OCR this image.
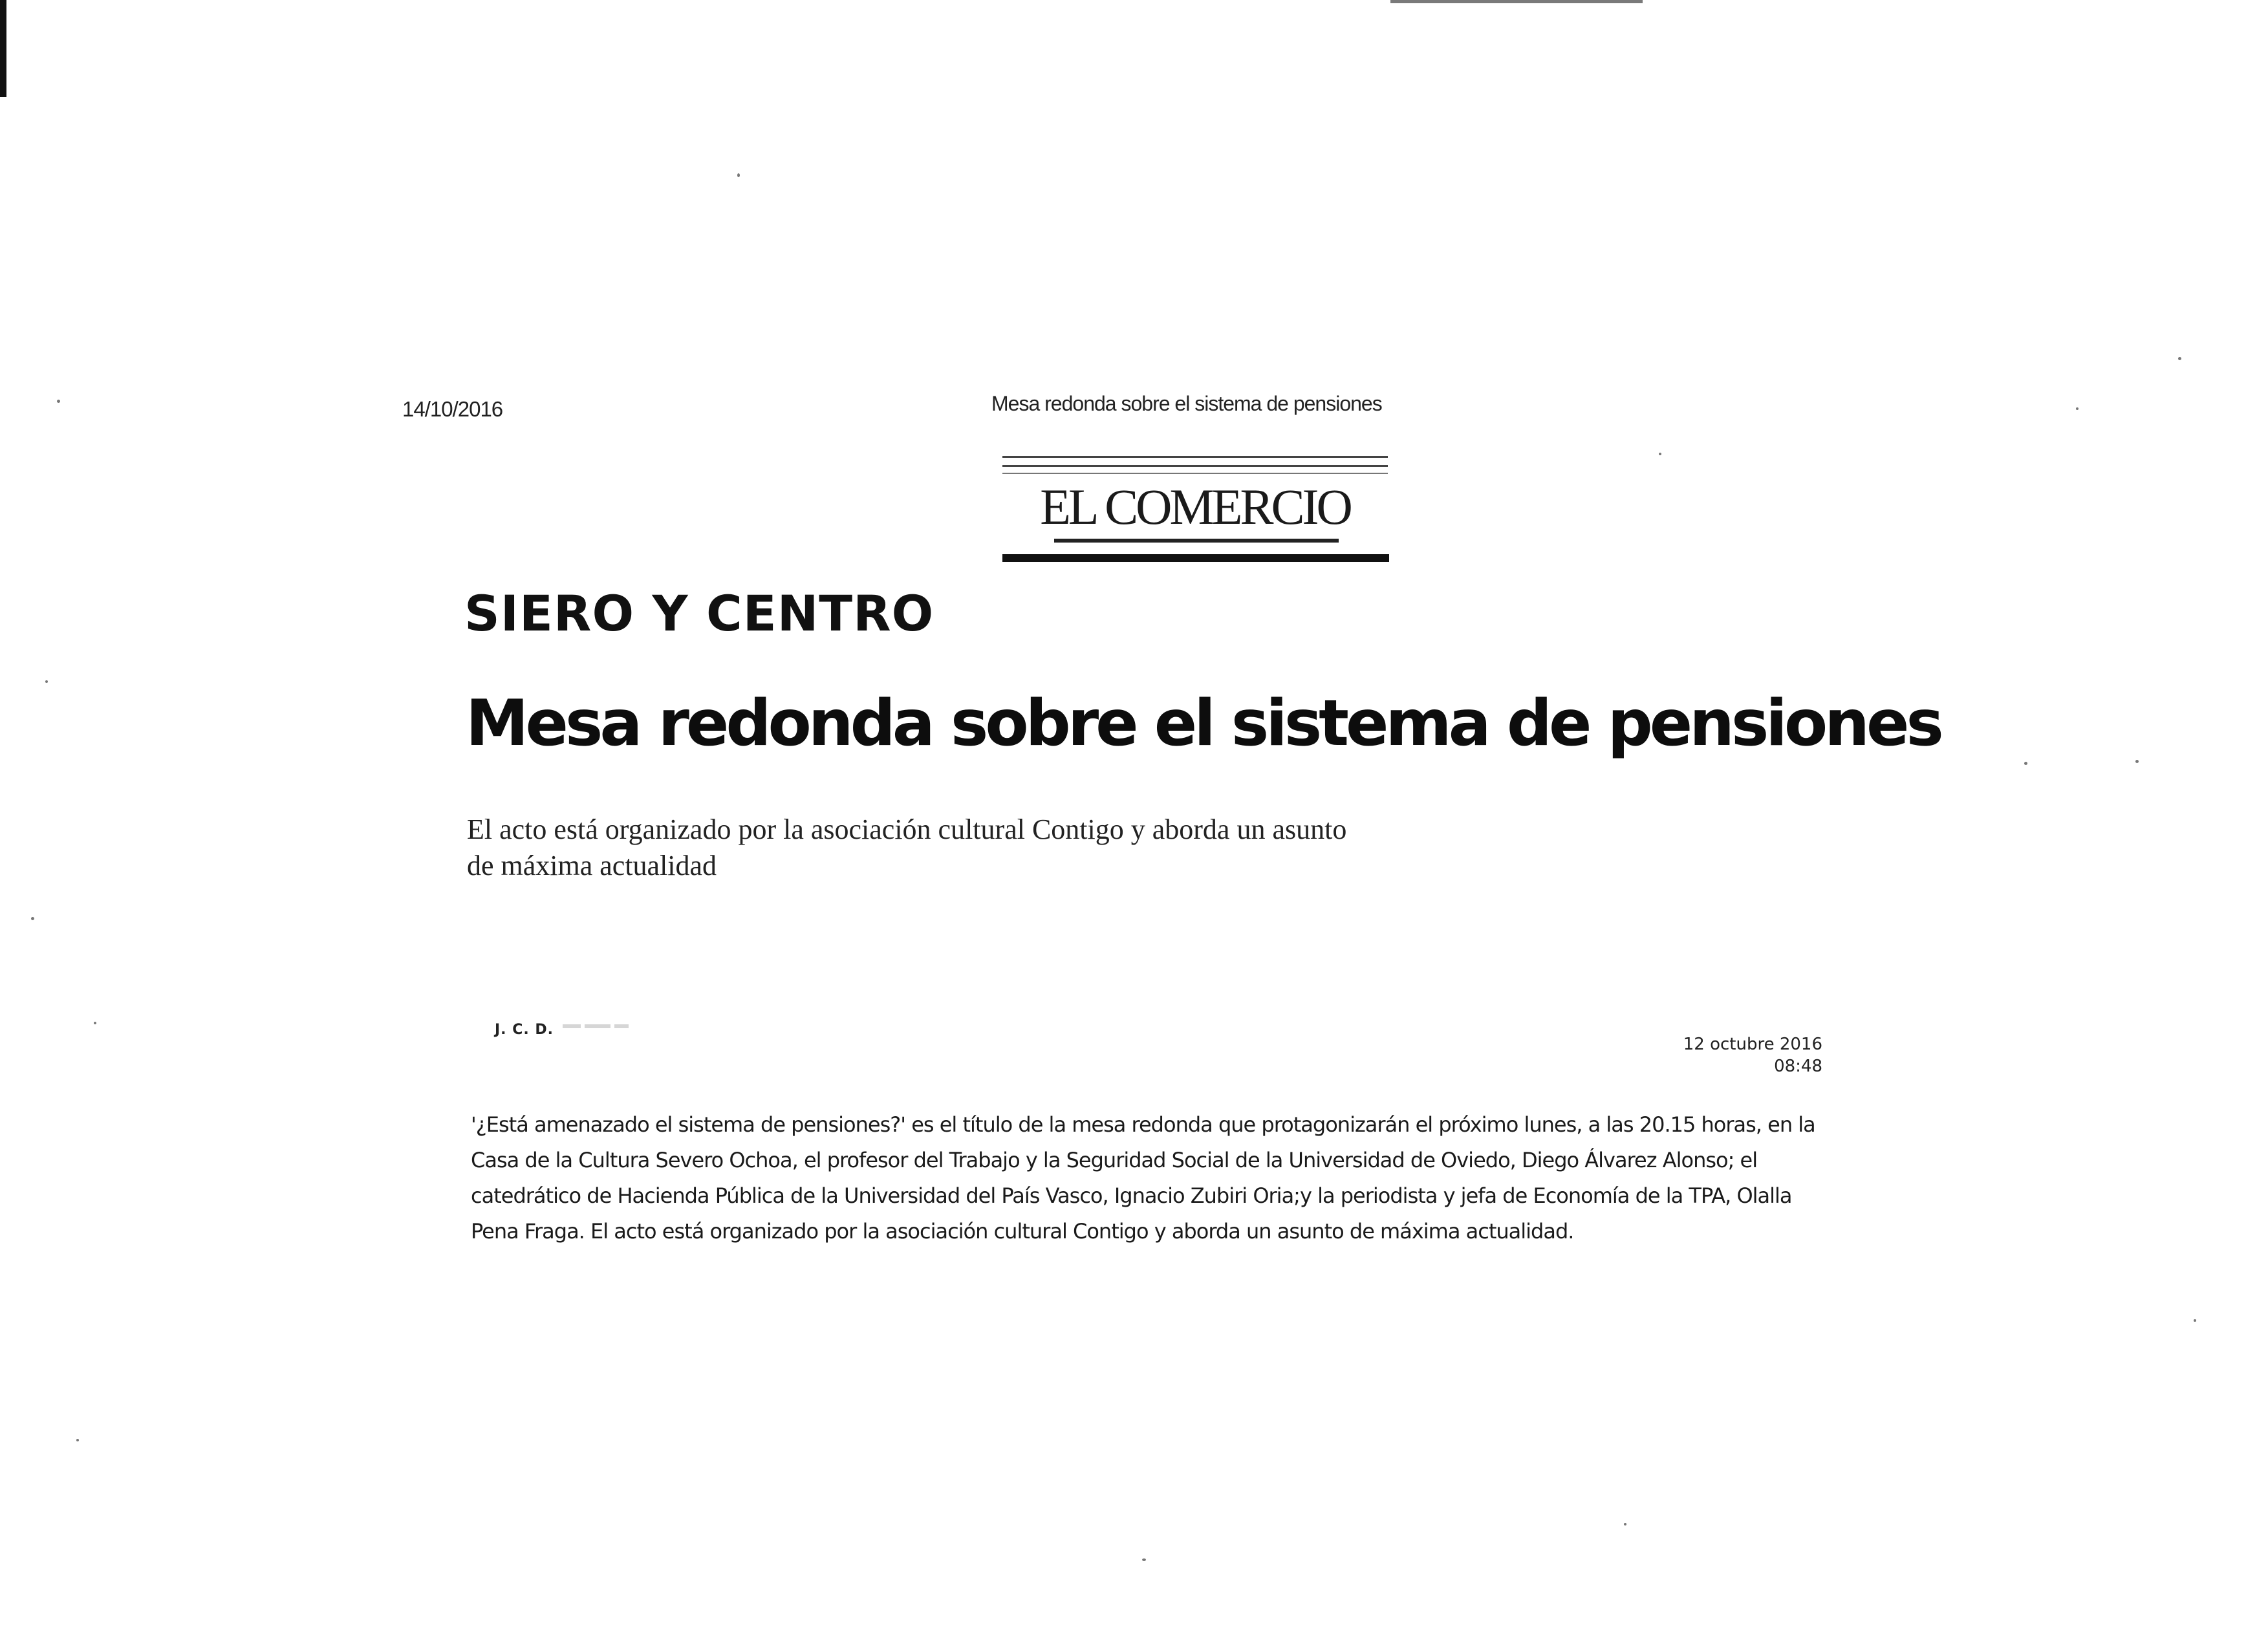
14/10/2016	Mesa redonda sobre el sistema de pensiones
EL COMERCIO
SIERO Y CENTRO
Mesa redonda sobre el sistema de pensiones
El acto está organizado por la asociación cultural Contigo y aborda un asunto de máxima actualidad
J. C. D.
12 octubre 2016
08:48

'¿Está amenazado el sistema de pensiones?' es el título de la mesa redonda que protagonizarán el próximo lunes, a las 20.15 horas, en la Casa de la Cultura Severo Ochoa, el profesor del Trabajo y la Seguridad Social de la Universidad de Oviedo, Diego Álvarez Alonso; el catedrático de Hacienda Pública de la Universidad del País Vasco, Ignacio Zubiri Oria;y la periodista y jefa de Economía de la TPA, Olalla Pena Fraga. El acto está organizado por la asociación cultural Contigo y aborda un asunto de máxima actualidad.
